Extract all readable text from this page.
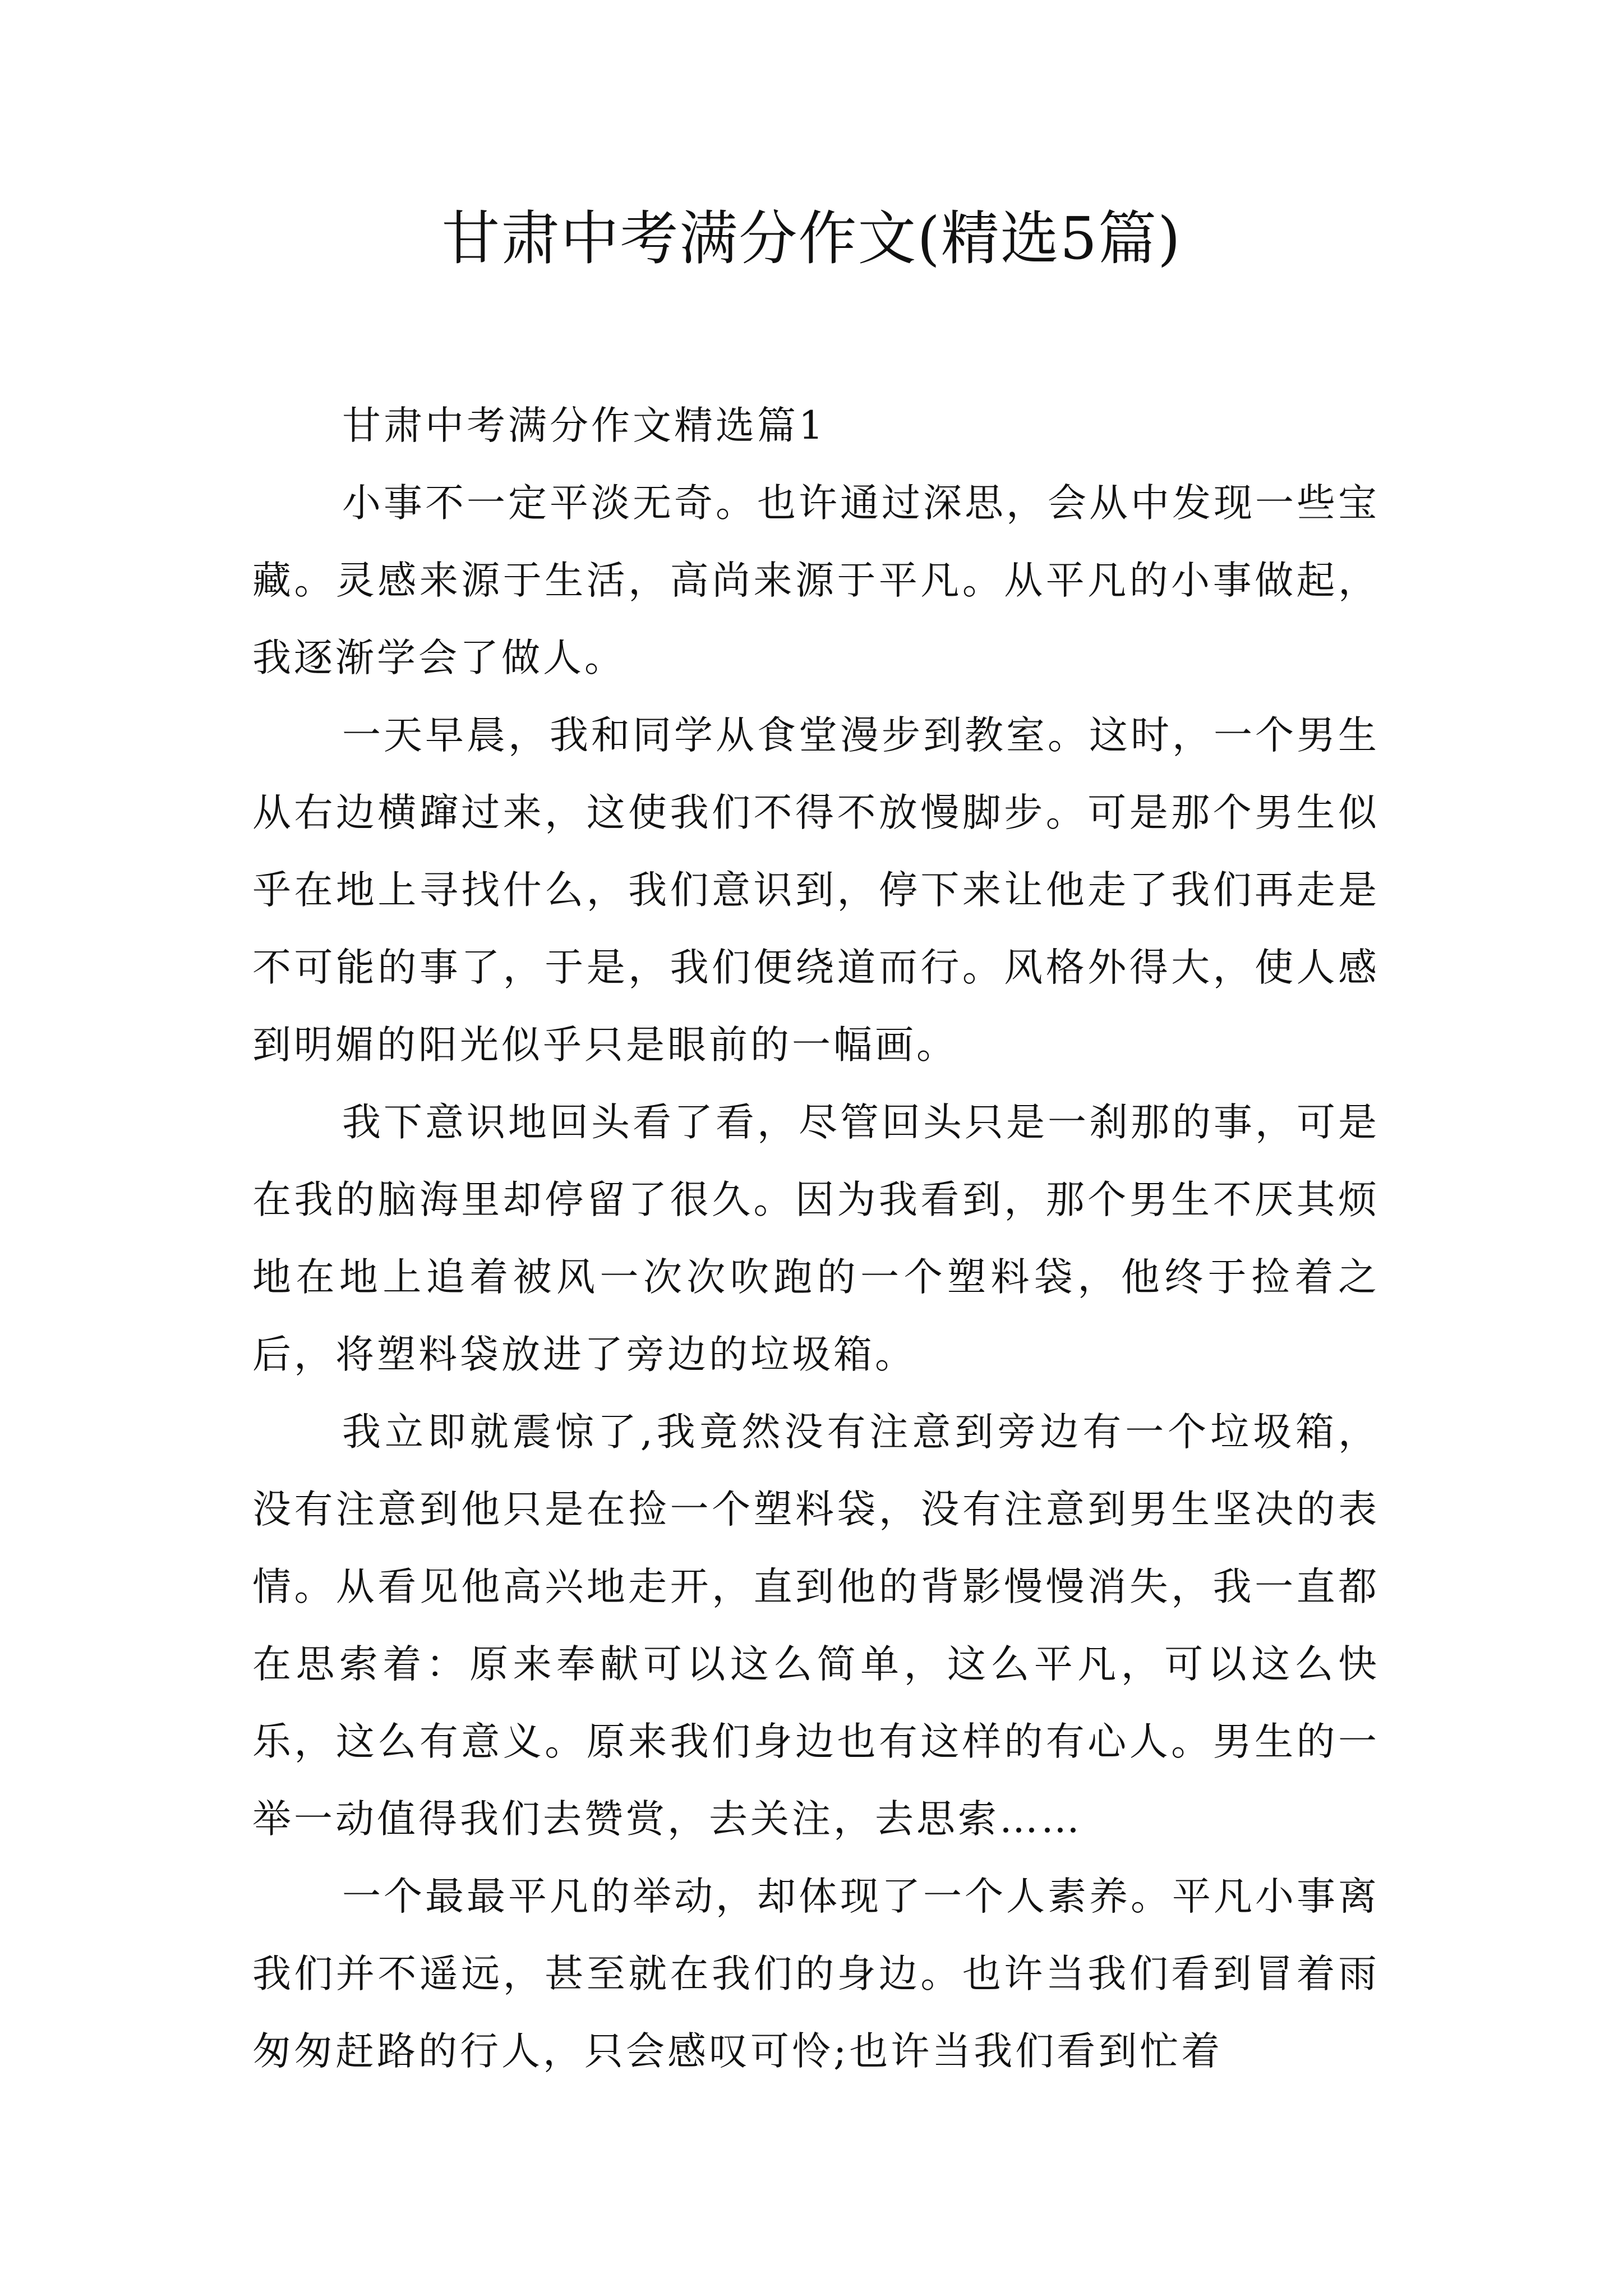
甘肃中考满分作文(精选5篇)

甘肃中考满分作文精选篇1

小事不一定平淡无奇。也许通过深思，会从中发现一些宝藏。灵感来源于生活，高尚来源于平凡。从平凡的小事做起，我逐渐学会了做人。

一天早晨，我和同学从食堂漫步到教室。这时，一个男生从右边横蹿过来，这使我们不得不放慢脚步。可是那个男生似乎在地上寻找什么，我们意识到，停下来让他走了我们再走是不可能的事了，于是，我们便绕道而行。风格外得大，使人感到明媚的阳光似乎只是眼前的一幅画。

我下意识地回头看了看，尽管回头只是一刹那的事，可是在我的脑海里却停留了很久。因为我看到，那个男生不厌其烦地在地上追着被风一次次吹跑的一个塑料袋，他终于捡着之后，将塑料袋放进了旁边的垃圾箱。

我立即就震惊了,我竟然没有注意到旁边有一个垃圾箱，没有注意到他只是在捡一个塑料袋，没有注意到男生坚决的表情。从看见他高兴地走开，直到他的背影慢慢消失，我一直都在思索着：原来奉献可以这么简单，这么平凡，可以这么快乐，这么有意义。原来我们身边也有这样的有心人。男生的一举一动值得我们去赞赏，去关注，去思索……

一个最最平凡的举动，却体现了一个人素养。平凡小事离我们并不遥远，甚至就在我们的身边。也许当我们看到冒着雨匆匆赶路的行人，只会感叹可怜;也许当我们看到忙着
